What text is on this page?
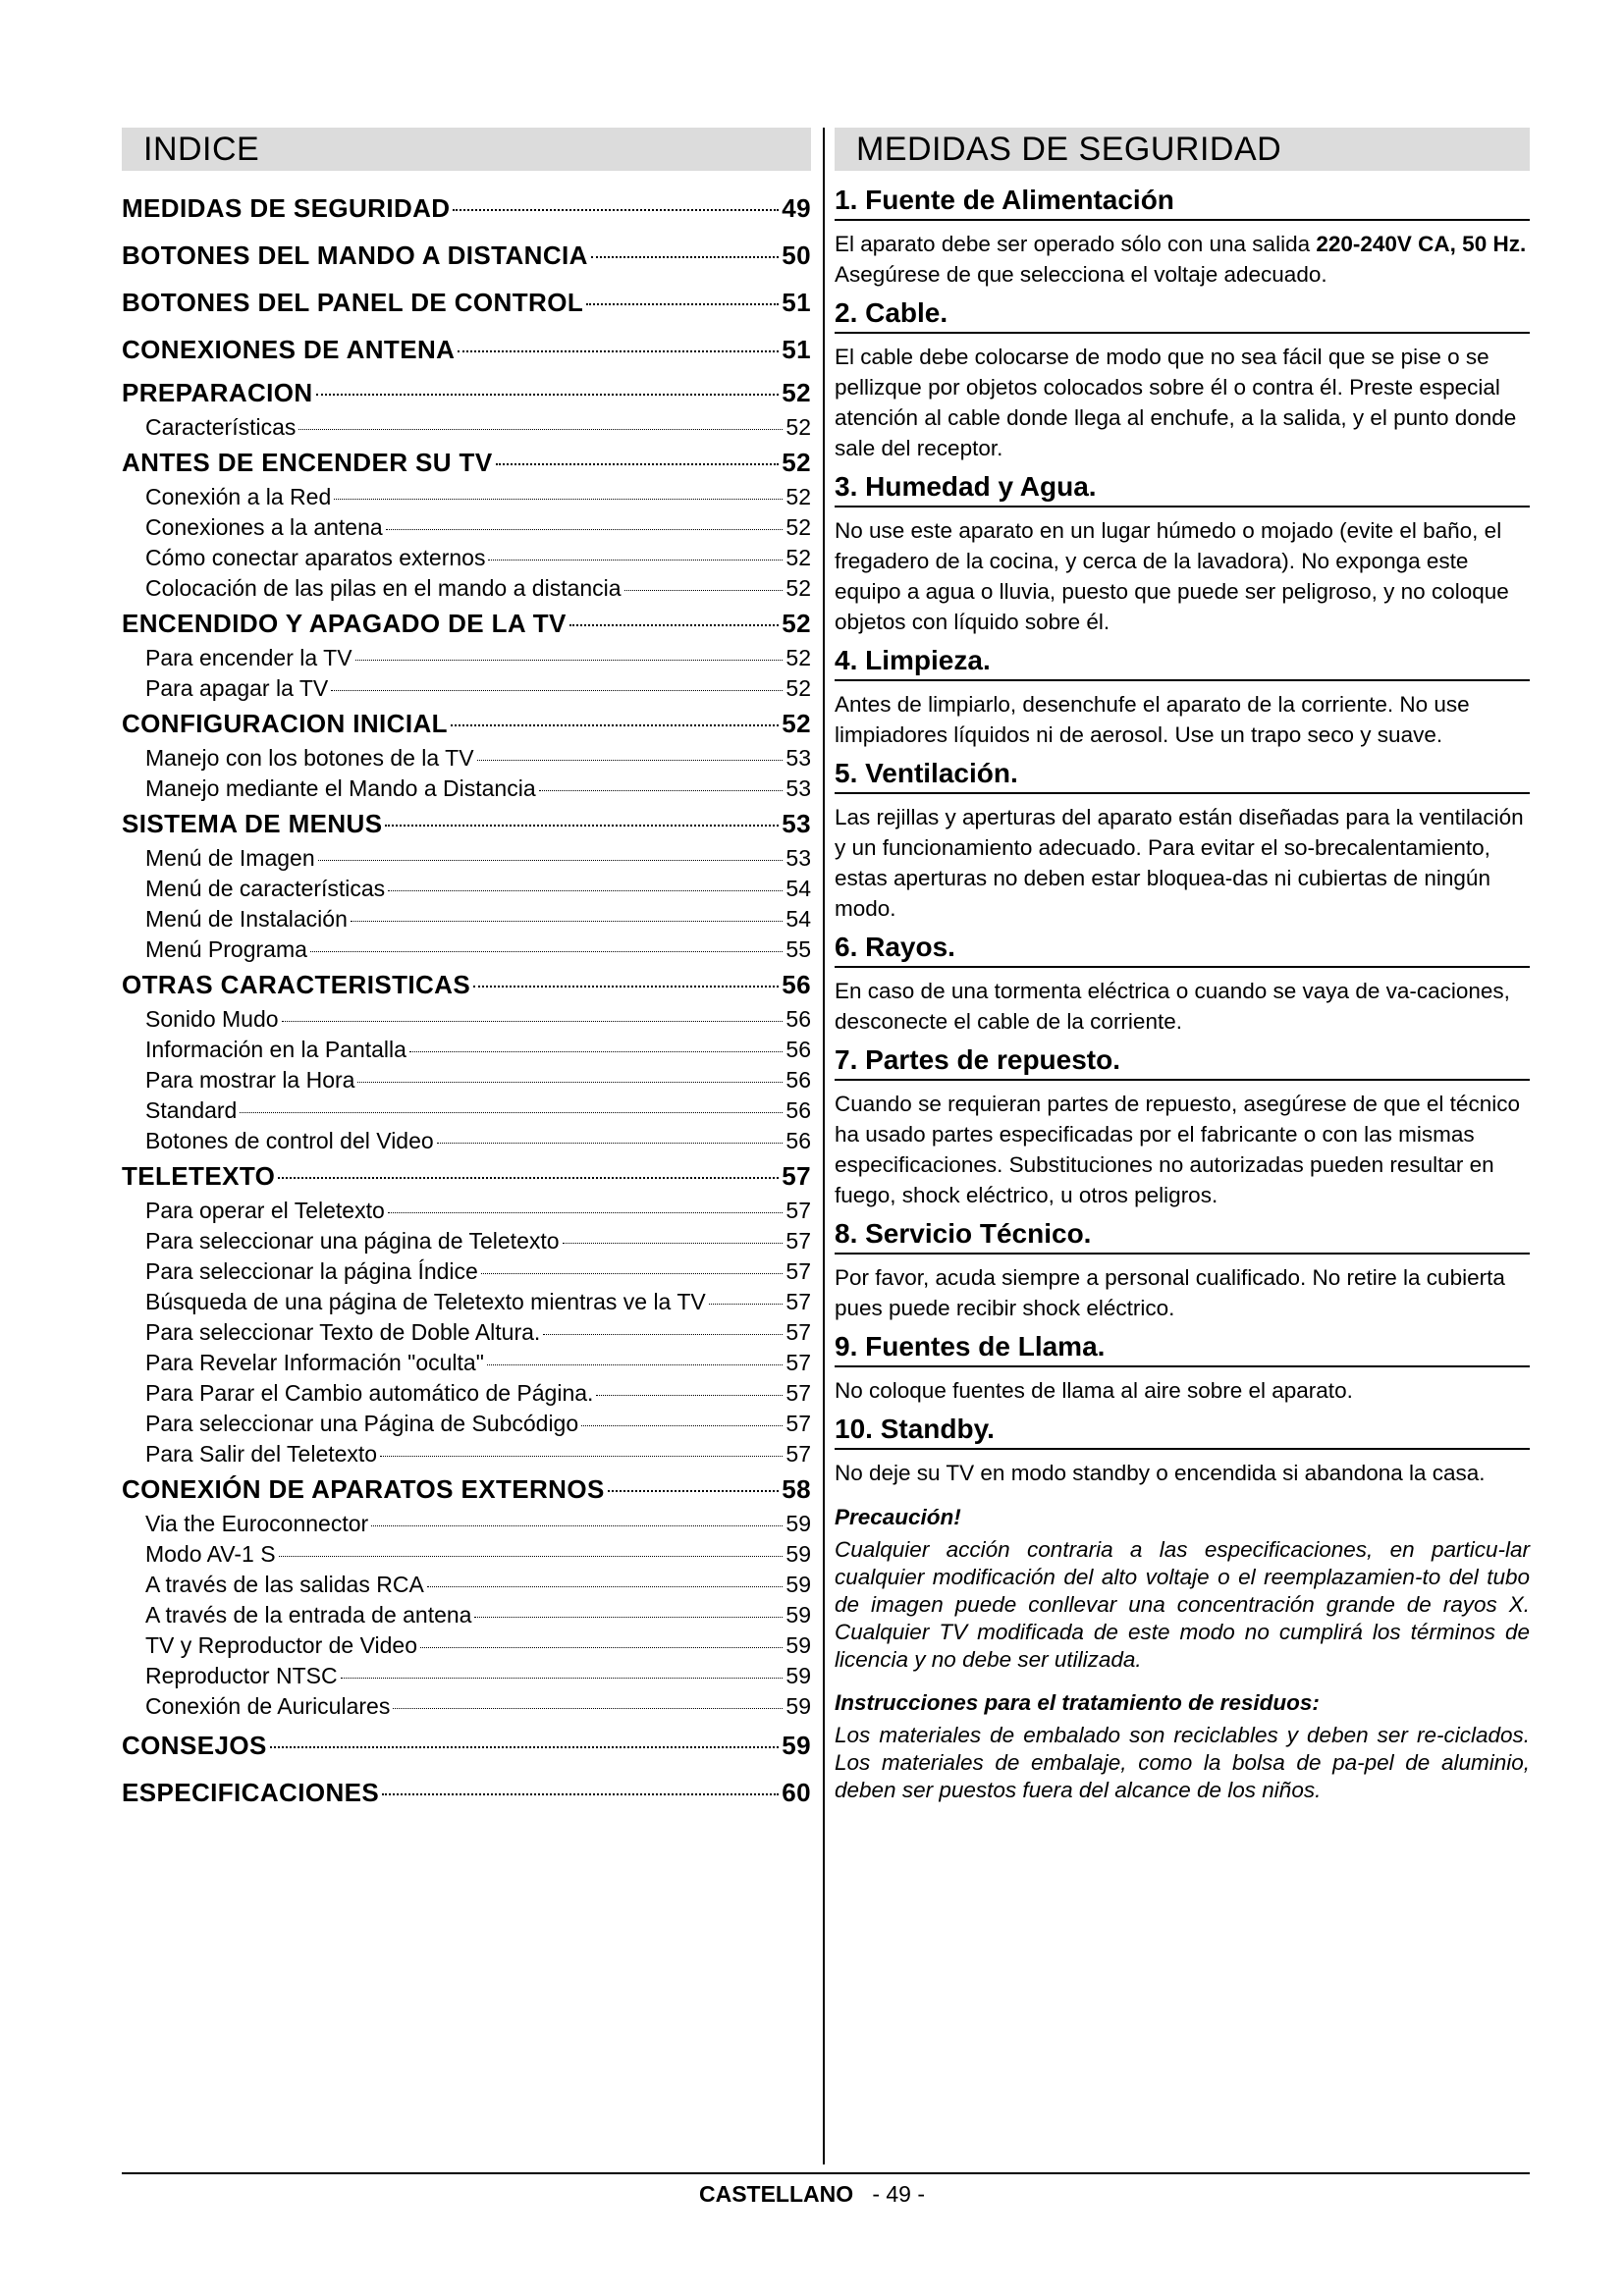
INDICE
MEDIDAS DE SEGURIDAD	49
BOTONES DEL MANDO A DISTANCIA	50
BOTONES DEL PANEL DE CONTROL	51
CONEXIONES DE ANTENA	51
PREPARACION	52
Características	52
ANTES DE ENCENDER SU TV	52
Conexión a la Red	52
Conexiones a la antena	52
Cómo conectar aparatos externos	52
Colocación de las pilas en el mando a distancia	52
ENCENDIDO Y APAGADO DE LA TV	52
Para encender la TV	52
Para apagar la TV	52
CONFIGURACION INICIAL	52
Manejo con los botones de la TV	53
Manejo mediante el Mando a Distancia	53
SISTEMA DE MENUS	53
Menú de Imagen	53
Menú de características	54
Menú de Instalación	54
Menú Programa	55
OTRAS CARACTERISTICAS	56
Sonido Mudo	56
Información en la Pantalla	56
Para mostrar la Hora	56
Standard	56
Botones de control del Video	56
TELETEXTO	57
Para operar el Teletexto	57
Para seleccionar una página de Teletexto	57
Para seleccionar la página Índice	57
Búsqueda de una página de Teletexto mientras ve la TV	57
Para seleccionar Texto de Doble Altura.	57
Para Revelar Información "oculta"	57
Para Parar el Cambio automático de Página.	57
Para seleccionar una Página de Subcódigo	57
Para Salir del Teletexto	57
CONEXIÓN DE APARATOS EXTERNOS	58
Via the Euroconnector	59
Modo AV-1 S	59
A través de las salidas RCA	59
A través de la entrada de antena	59
TV y Reproductor de Video	59
Reproductor NTSC	59
Conexión de Auriculares	59
CONSEJOS	59
ESPECIFICACIONES	60
MEDIDAS DE SEGURIDAD
1. Fuente de Alimentación

El aparato debe ser operado sólo con una salida 220-240V CA, 50 Hz. Asegúrese de que selecciona el voltaje adecuado.

2. Cable.

El cable debe colocarse de modo que no sea fácil que se pise o se pellizque por objetos colocados sobre él o contra él. Preste especial atención al cable donde llega al enchufe, a la salida, y el punto donde sale del receptor.

3. Humedad y Agua.

No use este aparato en un lugar húmedo o mojado (evite el baño, el fregadero de la cocina, y cerca de la lavadora). No exponga este equipo a agua o lluvia, puesto que puede ser peligroso, y no coloque objetos con líquido sobre él.

4. Limpieza.

Antes de limpiarlo, desenchufe el aparato de la corriente. No use limpiadores líquidos ni de aerosol. Use un trapo seco y suave.

5. Ventilación.

Las rejillas y aperturas del aparato están diseñadas para la ventilación y un funcionamiento adecuado. Para evitar el so-brecalentamiento, estas aperturas no deben estar bloquea-das ni cubiertas de ningún modo.

6. Rayos.

En caso de una tormenta eléctrica o cuando se vaya de va-caciones, desconecte el cable de la corriente.

7. Partes de repuesto.

Cuando se requieran partes de repuesto, asegúrese de que el técnico ha usado partes especificadas por el fabricante o con las mismas especificaciones. Substituciones no autorizadas pueden resultar en fuego, shock eléctrico, u otros peligros.

8. Servicio Técnico.

Por favor, acuda siempre a personal cualificado. No retire la cubierta pues puede recibir shock eléctrico.

9. Fuentes de Llama.

No coloque fuentes de llama al aire sobre el aparato.

10. Standby.

No deje su TV en modo standby o encendida si abandona la casa.

Precaución!

Cualquier acción contraria a las especificaciones, en particu-lar cualquier modificación del alto voltaje o el reemplazamien-to del tubo de imagen puede conllevar una concentración grande de rayos X. Cualquier TV modificada de este modo no cumplirá los términos de licencia y no debe ser utilizada.

Instrucciones para el tratamiento de residuos:

Los materiales de embalado son reciclables y deben ser re-ciclados. Los materiales de embalaje, como la bolsa de pa-pel de aluminio, deben ser puestos fuera del alcance de los niños.

CASTELLANO - 49 -
